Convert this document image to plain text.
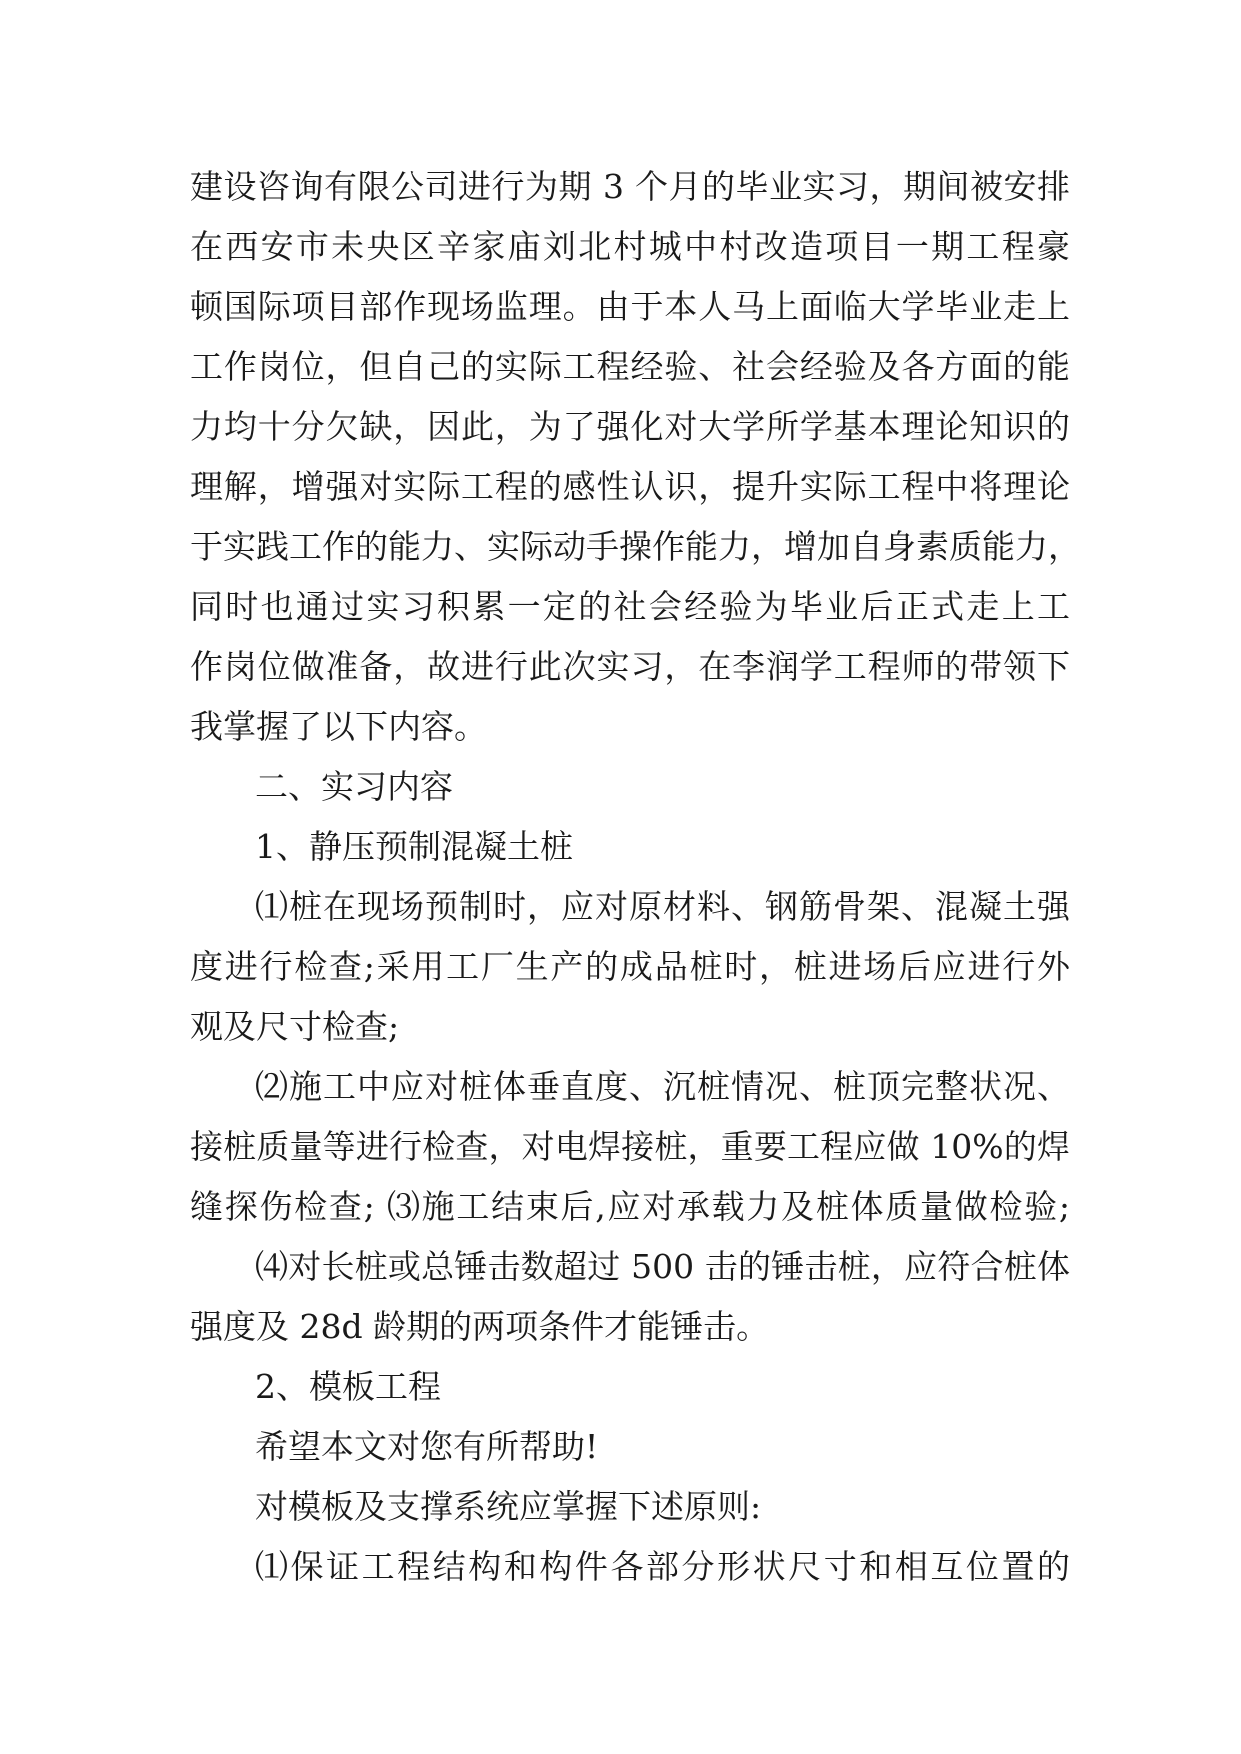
建设咨询有限公司进行为期 3 个月的毕业实习，期间被安排
在西安市未央区辛家庙刘北村城中村改造项目一期工程豪
顿国际项目部作现场监理。由于本人马上面临大学毕业走上
工作岗位，但自己的实际工程经验、社会经验及各方面的能
力均十分欠缺，因此，为了强化对大学所学基本理论知识的
理解，增强对实际工程的感性认识，提升实际工程中将理论
于实践工作的能力、实际动手操作能力，增加自身素质能力，
同时也通过实习积累一定的社会经验为毕业后正式走上工
作岗位做准备，故进行此次实习，在李润学工程师的带领下
我掌握了以下内容。
二、实习内容
1、静压预制混凝土桩
⑴桩在现场预制时，应对原材料、钢筋骨架、混凝土强
度进行检查;采用工厂生产的成品桩时，桩进场后应进行外
观及尺寸检查;
⑵施工中应对桩体垂直度、沉桩情况、桩顶完整状况、
接桩质量等进行检查，对电焊接桩，重要工程应做 10%的焊
缝探伤检查; ⑶施工结束后,应对承载力及桩体质量做检验;
⑷对长桩或总锤击数超过 500 击的锤击桩，应符合桩体
强度及 28d 龄期的两项条件才能锤击。
2、模板工程
希望本文对您有所帮助!
对模板及支撑系统应掌握下述原则:
⑴保证工程结构和构件各部分形状尺寸和相互位置的
